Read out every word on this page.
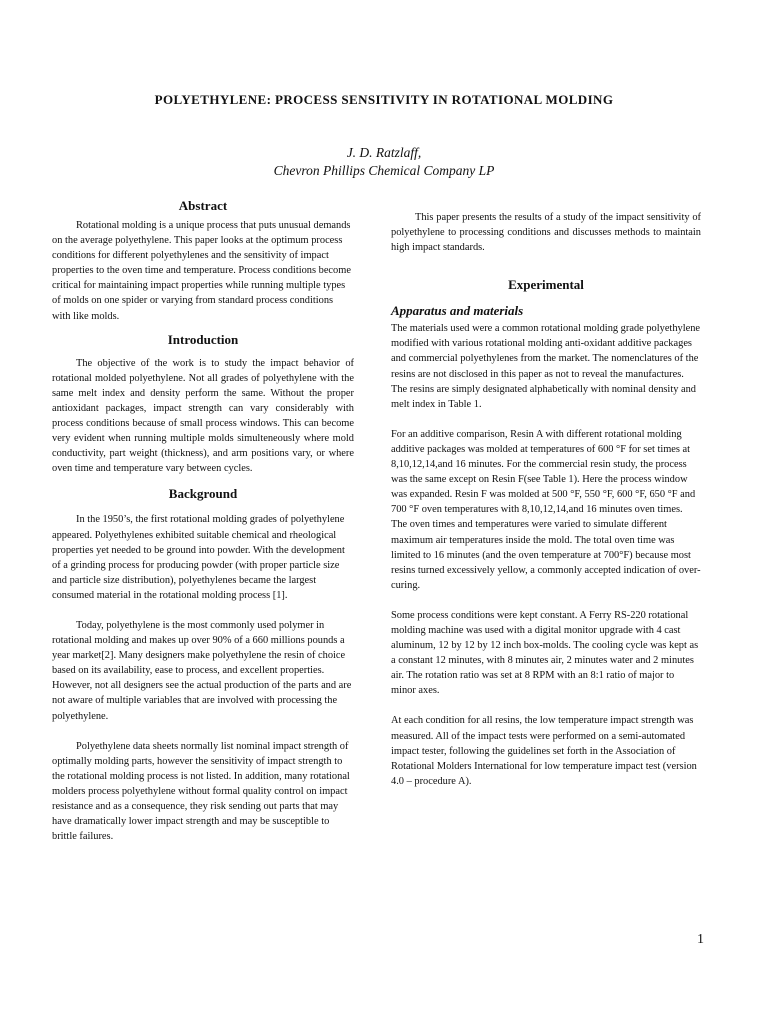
POLYETHYLENE: PROCESS SENSITIVITY IN ROTATIONAL MOLDING
J. D. Ratzlaff,
Chevron Phillips Chemical Company LP
Abstract

Rotational molding is a unique process that puts unusual demands on the average polyethylene. This paper looks at the optimum process conditions for different polyethylenes and the sensitivity of impact properties to the oven time and temperature. Process conditions become critical for maintaining impact properties while running multiple types of molds on one spider or varying from standard process conditions with like molds.

Introduction

The objective of the work is to study the impact behavior of rotational molded polyethylene. Not all grades of polyethylene with the same melt index and density perform the same. Without the proper antioxidant packages, impact strength can vary considerably with process conditions because of small process windows. This can become very evident when running multiple molds simulteneously where mold conductivity, part weight (thickness), and arm positions vary, or where oven time and temperature vary between cycles.

Background

In the 1950’s, the first rotational molding grades of polyethylene appeared. Polyethylenes exhibited suitable chemical and rheological properties yet needed to be ground into powder. With the development of a grinding process for producing powder (with proper particle size and particle size distribution), polyethylenes became the largest consumed material in the rotational molding process [1].

Today, polyethylene is the most commonly used polymer in rotational molding and makes up over 90% of a 660 millions pounds a year market[2]. Many designers make polyethylene the resin of choice based on its availability, ease to process, and excellent properties. However, not all designers see the actual production of the parts and are not aware of multiple variables that are involved with processing the polyethylene.

Polyethylene data sheets normally list nominal impact strength of optimally molding parts, however the sensitivity of impact strength to the rotational molding process is not listed. In addition, many rotational molders process polyethylene without formal quality control on impact resistance and as a consequence, they risk sending out parts that may have dramatically lower impact strength and may be susceptible to brittle failures.

This paper presents the results of a study of the impact sensitivity of polyethylene to processing conditions and discusses methods to maintain high impact standards.

Experimental
Apparatus and materials

The materials used were a common rotational molding grade polyethylene modified with various rotational molding anti-oxidant additive packages and commercial polyethylenes from the market. The nomenclatures of the resins are not disclosed in this paper as not to reveal the manufactures. The resins are simply designated alphabetically with nominal density and melt index in Table 1.

For an additive comparison, Resin A with different rotational molding additive packages was molded at temperatures of 600 °F for set times at 8,10,12,14,and 16 minutes. For the commercial resin study, the process was the same except on Resin F(see Table 1). Here the process window was expanded. Resin F was molded at 500 °F, 550 °F, 600 °F, 650 °F and 700 °F oven temperatures with 8,10,12,14,and 16 minutes oven times. The oven times and temperatures were varied to simulate different maximum air temperatures inside the mold. The total oven time was limited to 16 minutes (and the oven temperature at 700°F) because most resins turned excessively yellow, a commonly accepted indication of over-curing.

Some process conditions were kept constant. A Ferry RS-220 rotational molding machine was used with a digital monitor upgrade with 4 cast aluminum, 12 by 12 by 12 inch box-molds. The cooling cycle was kept as a constant 12 minutes, with 8 minutes air, 2 minutes water and 2 minutes air. The rotation ratio was set at 8 RPM with an 8:1 ratio of major to minor axes.

At each condition for all resins, the low temperature impact strength was measured. All of the impact tests were performed on a semi-automated impact tester, following the guidelines set forth in the Association of Rotational Molders International for low temperature impact test (version 4.0 – procedure A).

1
